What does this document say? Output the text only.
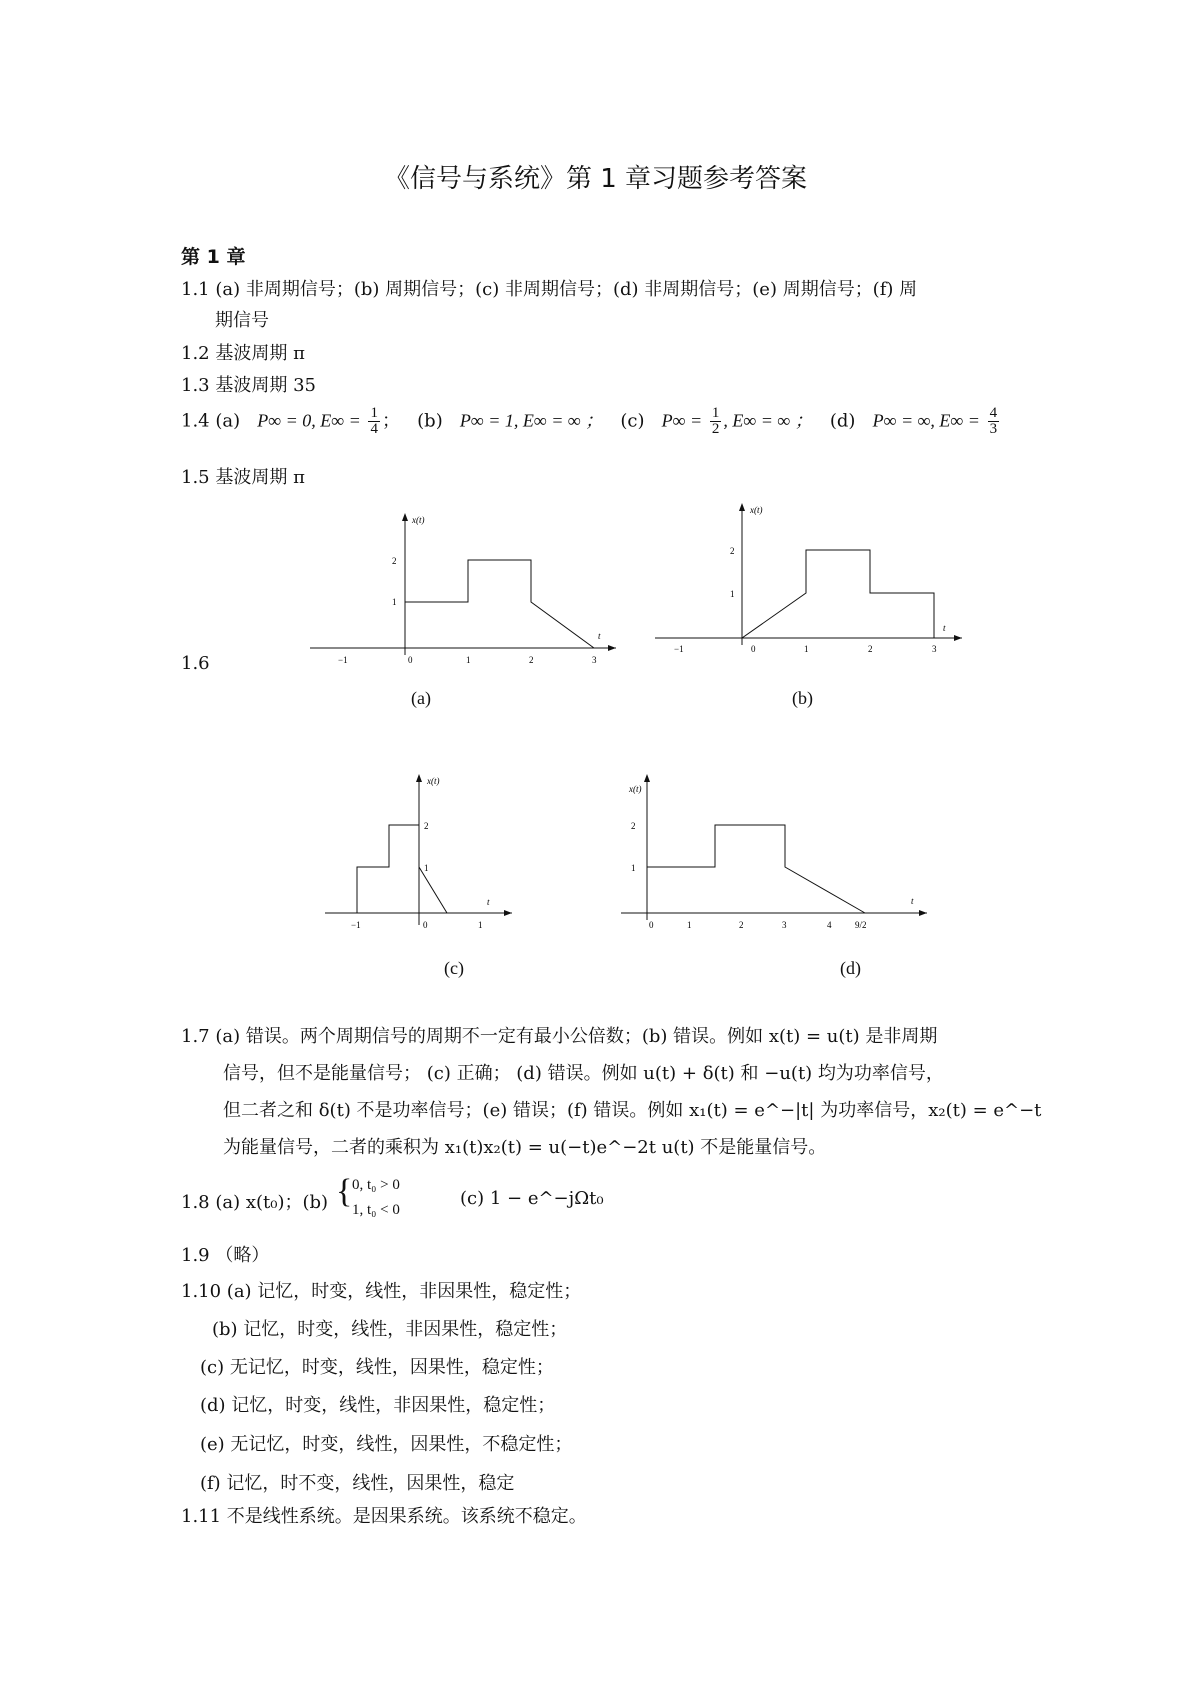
《信号与系统》第 1 章习题参考答案
第 1 章
1.1 (a) 非周期信号；(b) 周期信号；(c) 非周期信号；(d) 非周期信号；(e) 周期信号；(f) 周
期信号
1.2 基波周期 π
1.3 基波周期 35
1.4 (a) P∞ = 0, $E\infty = \frac{1}{4}$ ；   (b) P∞ = 1, E∞ = ∞ ； (c) $P\infty = \frac{1}{2}$ , E∞ = ∞ ； (d) P∞ = ∞, $E\infty = \frac{4}{3}$
1.5 基波周期 π
1.6
x(t)
t
1
2
−1	0	1	2	3
(a)
x(t)
t
1
2
−1	0	1	2	3
(b)
x(t)
t
1
2
−1	0	1
(c)
x(t)
t
1
2
0	1	2	3	4	9/2
(d)
1.7 (a) 错误。两个周期信号的周期不一定有最小公倍数；(b) 错误。例如 x(t) = u(t) 是非周期
信号，但不是能量信号； (c) 正确； (d) 错误。例如 u(t) + δ(t) 和 −u(t) 均为功率信号，
但二者之和 δ(t) 不是功率信号；(e) 错误；(f) 错误。例如 x₁(t) = e^−|t| 为功率信号，x₂(t) = e^−t
为能量信号，二者的乘积为 x₁(t)x₂(t) = u(−t)e^−2t u(t) 不是能量信号。
1.8 (a) x(t₀)；(b) { 0, t₀ > 0
1, t₀ < 0
(c) 1 − e^−jΩt₀
1.9 （略）
1.10 (a) 记忆，时变，线性，非因果性，稳定性；
(b) 记忆，时变，线性，非因果性，稳定性；
(c) 无记忆，时变，线性，因果性，稳定性；
(d) 记忆，时变，线性，非因果性，稳定性；
(e) 无记忆，时变，线性，因果性，不稳定性；
(f) 记忆，时不变，线性，因果性，稳定
1.11 不是线性系统。是因果系统。该系统不稳定。
